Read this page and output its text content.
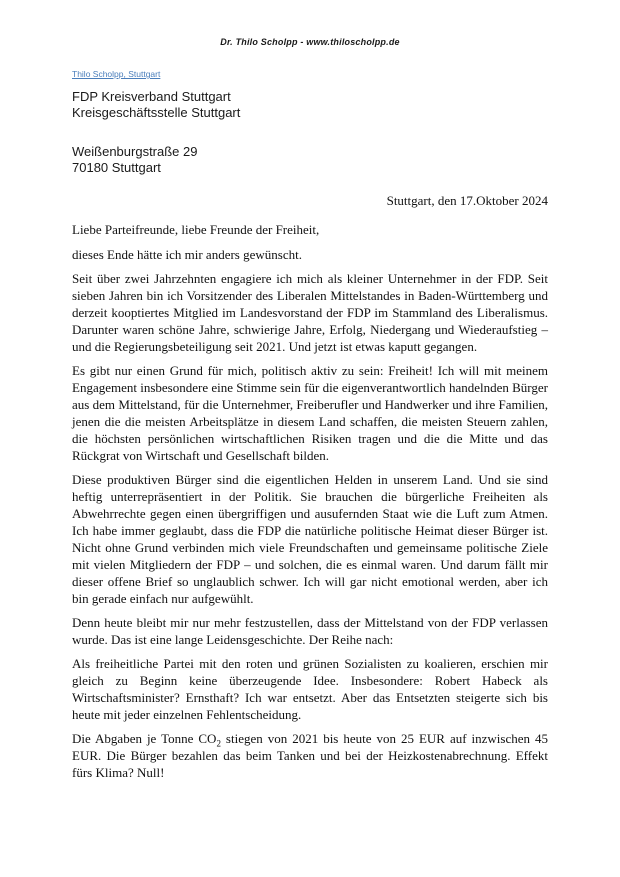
Dr. Thilo Scholpp - www.thiloscholpp.de
Thilo Scholpp, Stuttgart
FDP Kreisverband Stuttgart
Kreisgeschäftsstelle Stuttgart
Weißenburgstraße 29
70180 Stuttgart
Stuttgart, den 17.Oktober 2024

Liebe Parteifreunde, liebe Freunde der Freiheit,

dieses Ende hätte ich mir anders gewünscht.

Seit über zwei Jahrzehnten engagiere ich mich als kleiner Unternehmer in der FDP. Seit sieben Jahren bin ich Vorsitzender des Liberalen Mittelstandes in Baden-Württemberg und derzeit kooptiertes Mitglied im Landesvorstand der FDP im Stammland des Liberalismus. Darunter waren schöne Jahre, schwierige Jahre, Erfolg, Niedergang und Wiederaufstieg – und die Regierungsbeteiligung seit 2021. Und jetzt ist etwas kaputt gegangen.

Es gibt nur einen Grund für mich, politisch aktiv zu sein: Freiheit! Ich will mit meinem Engagement insbesondere eine Stimme sein für die eigenverantwortlich handelnden Bürger aus dem Mittelstand, für die Unternehmer, Freiberufler und Handwerker und ihre Familien, jenen die die meisten Arbeitsplätze in diesem Land schaffen, die meisten Steuern zahlen, die höchsten persönlichen wirtschaftlichen Risiken tragen und die die Mitte und das Rückgrat von Wirtschaft und Gesellschaft bilden.

Diese produktiven Bürger sind die eigentlichen Helden in unserem Land. Und sie sind heftig unterrepräsentiert in der Politik. Sie brauchen die bürgerliche Freiheiten als Abwehrrechte gegen einen übergriffigen und ausufernden Staat wie die Luft zum Atmen. Ich habe immer geglaubt, dass die FDP die natürliche politische Heimat dieser Bürger ist. Nicht ohne Grund verbinden mich viele Freundschaften und gemeinsame politische Ziele mit vielen Mitgliedern der FDP – und solchen, die es einmal waren. Und darum fällt mir dieser offene Brief so unglaublich schwer. Ich will gar nicht emotional werden, aber ich bin gerade einfach nur aufgewühlt.

Denn heute bleibt mir nur mehr festzustellen, dass der Mittelstand von der FDP verlassen wurde. Das ist eine lange Leidensgeschichte. Der Reihe nach:

Als freiheitliche Partei mit den roten und grünen Sozialisten zu koalieren, erschien mir gleich zu Beginn keine überzeugende Idee. Insbesondere: Robert Habeck als Wirtschaftsminister? Ernsthaft? Ich war entsetzt. Aber das Entsetzten steigerte sich bis heute mit jeder einzelnen Fehlentscheidung.

Die Abgaben je Tonne $CO_2$ stiegen von 2021 bis heute von 25 EUR auf inzwischen 45 EUR. Die Bürger bezahlen das beim Tanken und bei der Heizkostenabrechnung. Effekt fürs Klima? Null!
